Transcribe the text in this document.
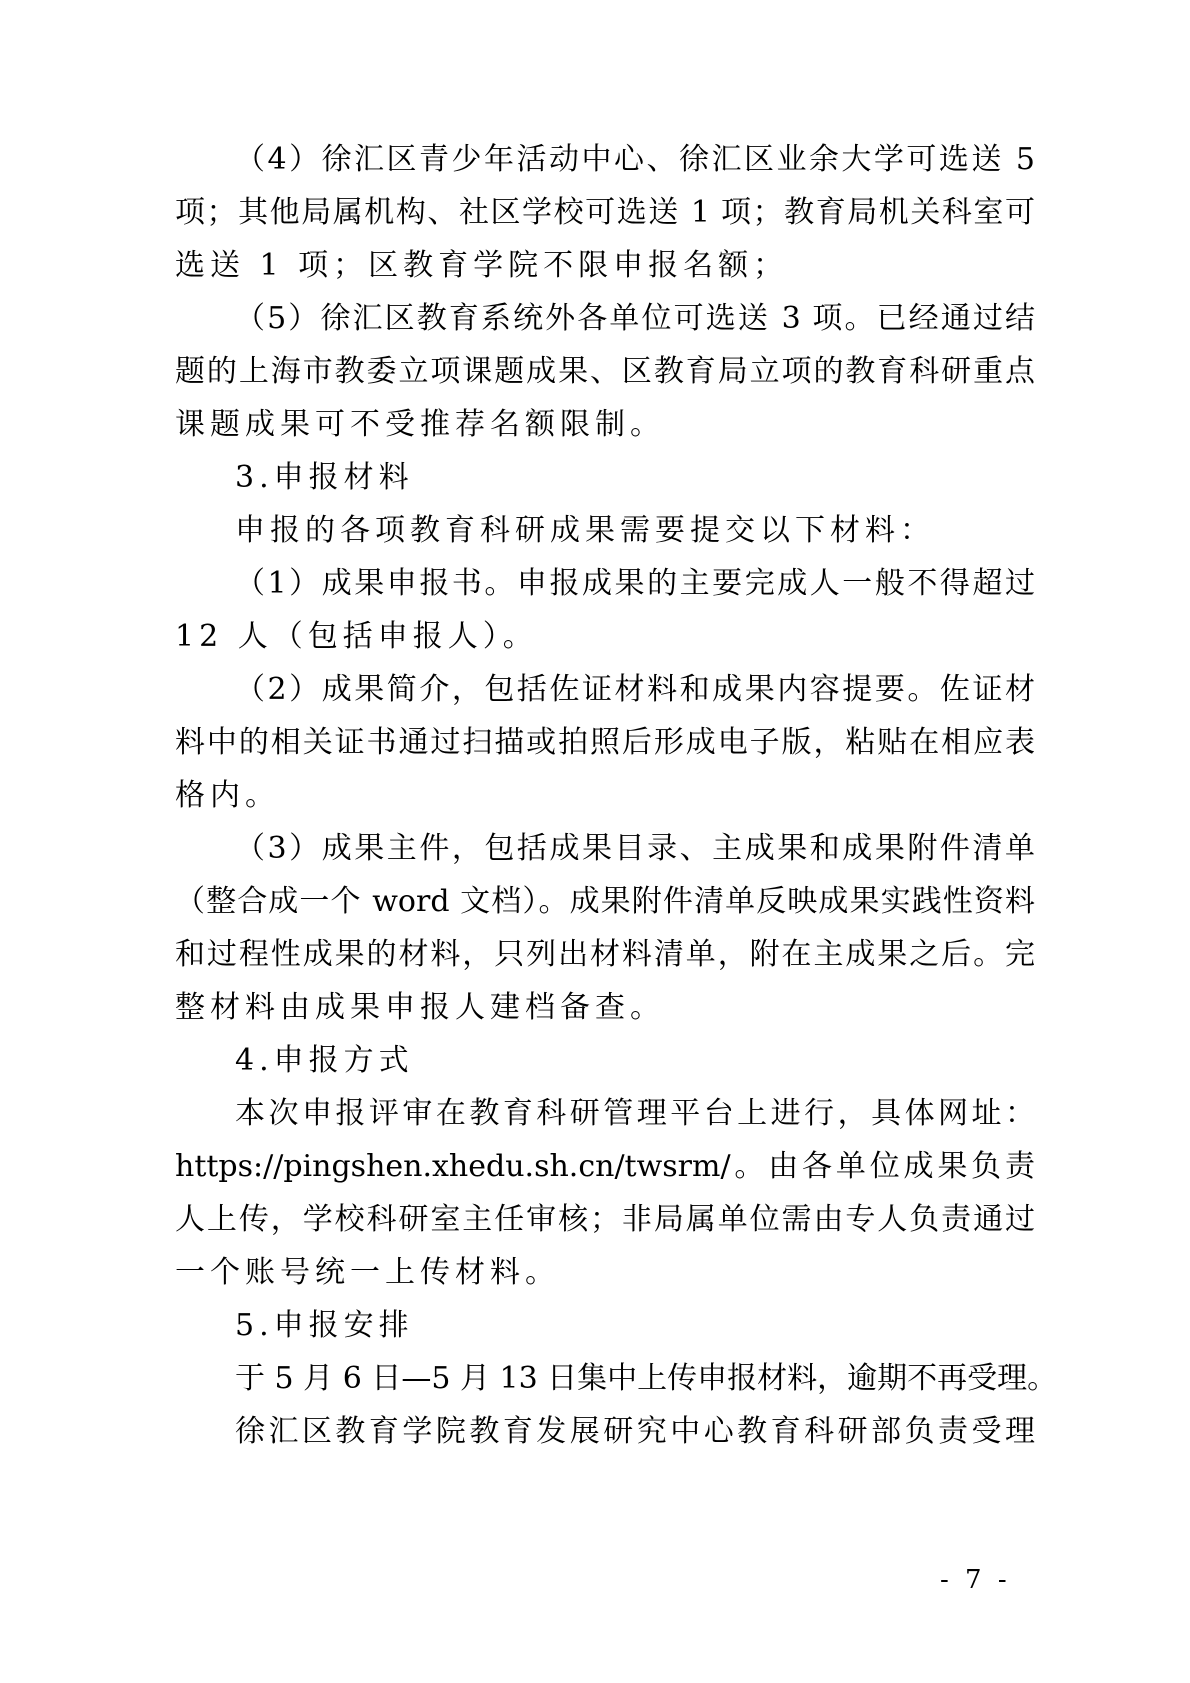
（4）徐汇区青少年活动中心、徐汇区业余大学可选送 5
项；其他局属机构、社区学校可选送 1 项；教育局机关科室可
选送 1 项；区教育学院不限申报名额；
（5）徐汇区教育系统外各单位可选送 3 项。已经通过结
题的上海市教委立项课题成果、区教育局立项的教育科研重点
课题成果可不受推荐名额限制。
3.申报材料
申报的各项教育科研成果需要提交以下材料：
（1）成果申报书。申报成果的主要完成人一般不得超过
12 人（包括申报人）。
（2）成果简介，包括佐证材料和成果内容提要。佐证材
料中的相关证书通过扫描或拍照后形成电子版，粘贴在相应表
格内。
（3）成果主件，包括成果目录、主成果和成果附件清单
（整合成一个 word 文档）。成果附件清单反映成果实践性资料
和过程性成果的材料，只列出材料清单，附在主成果之后。完
整材料由成果申报人建档备查。
4.申报方式
本次申报评审在教育科研管理平台上进行，具体网址：
https://pingshen.xhedu.sh.cn/twsrm/。由各单位成果负责
人上传，学校科研室主任审核；非局属单位需由专人负责通过
一个账号统一上传材料。
5.申报安排
于 5 月 6 日—5 月 13 日集中上传申报材料，逾期不再受理。
徐汇区教育学院教育发展研究中心教育科研部负责受理
- 7 -
